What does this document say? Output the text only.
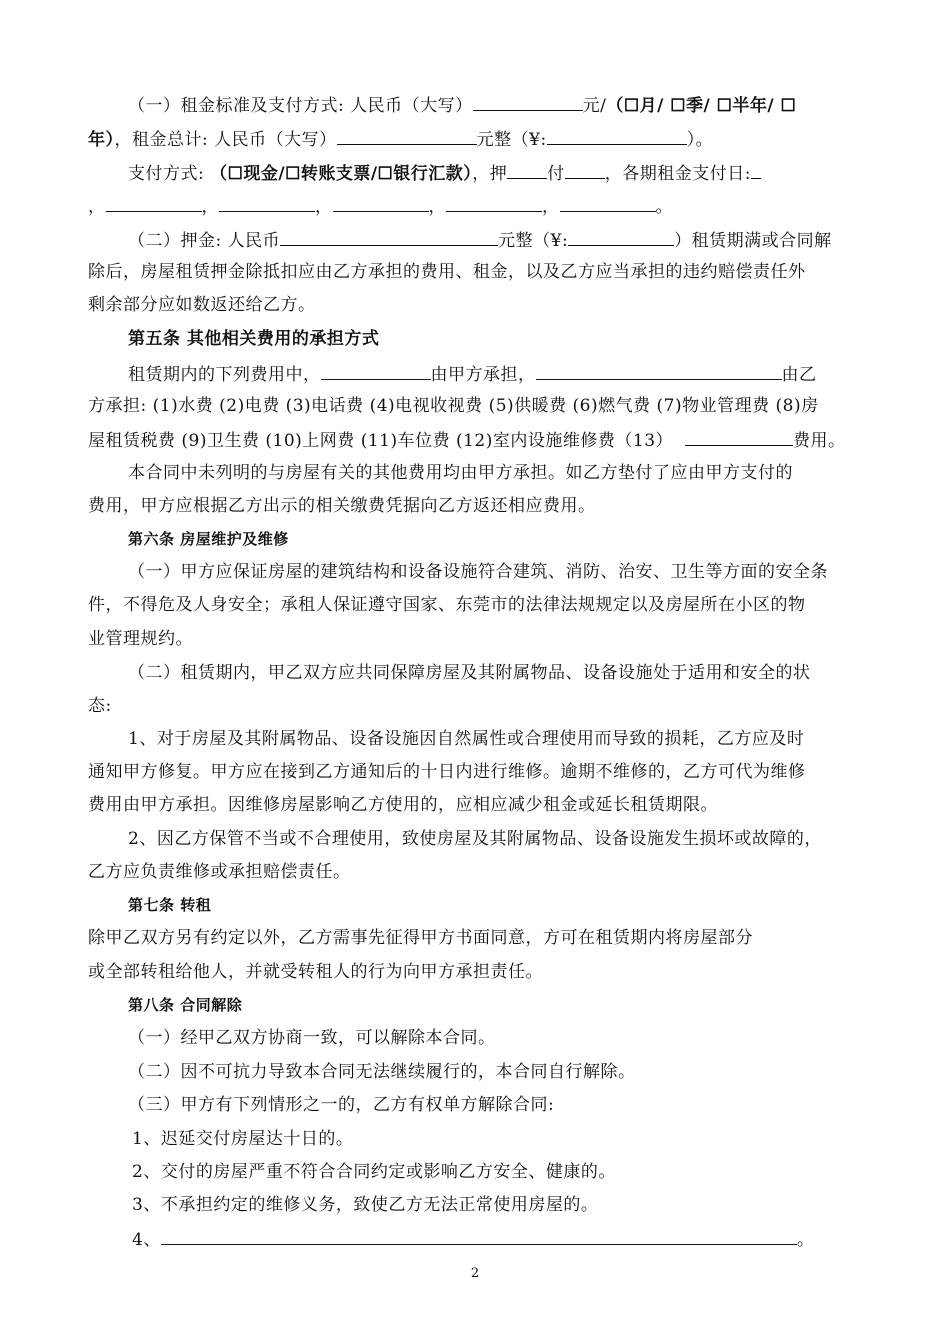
（一）租金标准及支付方式: 人民币（大写）	元/（☐月/ ☐季/ ☐半年/ ☐
年），租金总计: 人民币（大写）	元整（¥:	）。
支付方式: （☐现金/☐转账支票/☐银行汇款），押 付 ，各期租金支付日:
，	，	，	，	，	。
（二）押金: 人民币	元整（¥:	）租赁期满或合同解
除后，房屋租赁押金除抵扣应由乙方承担的费用、租金，以及乙方应当承担的违约赔偿责任外
剩余部分应如数返还给乙方。
第五条 其他相关费用的承担方式
租赁期内的下列费用中，	由甲方承担，	由乙
方承担: (1)水费 (2)电费 (3)电话费 (4)电视收视费 (5)供暖费 (6)燃气费 (7)物业管理费 (8)房
屋租赁税费 (9)卫生费 (10)上网费 (11)车位费 (12)室内设施维修费（13）	费用。
本合同中未列明的与房屋有关的其他费用均由甲方承担。如乙方垫付了应由甲方支付的
费用，甲方应根据乙方出示的相关缴费凭据向乙方返还相应费用。
第六条 房屋维护及维修
（一）甲方应保证房屋的建筑结构和设备设施符合建筑、消防、治安、卫生等方面的安全条
件，不得危及人身安全；承租人保证遵守国家、东莞市的法律法规规定以及房屋所在小区的物
业管理规约。
（二）租赁期内，甲乙双方应共同保障房屋及其附属物品、设备设施处于适用和安全的状
态:
1、对于房屋及其附属物品、设备设施因自然属性或合理使用而导致的损耗，乙方应及时
通知甲方修复。甲方应在接到乙方通知后的十日内进行维修。逾期不维修的，乙方可代为维修
费用由甲方承担。因维修房屋影响乙方使用的，应相应减少租金或延长租赁期限。
2、因乙方保管不当或不合理使用，致使房屋及其附属物品、设备设施发生损坏或故障的，
乙方应负责维修或承担赔偿责任。
第七条 转租
除甲乙双方另有约定以外，乙方需事先征得甲方书面同意，方可在租赁期内将房屋部分
或全部转租给他人，并就受转租人的行为向甲方承担责任。
第八条 合同解除
（一）经甲乙双方协商一致，可以解除本合同。
（二）因不可抗力导致本合同无法继续履行的，本合同自行解除。
（三）甲方有下列情形之一的，乙方有权单方解除合同:
1、迟延交付房屋达十日的。
2、交付的房屋严重不符合合同约定或影响乙方安全、健康的。
3、不承担约定的维修义务，致使乙方无法正常使用房屋的。
4、	。
2
